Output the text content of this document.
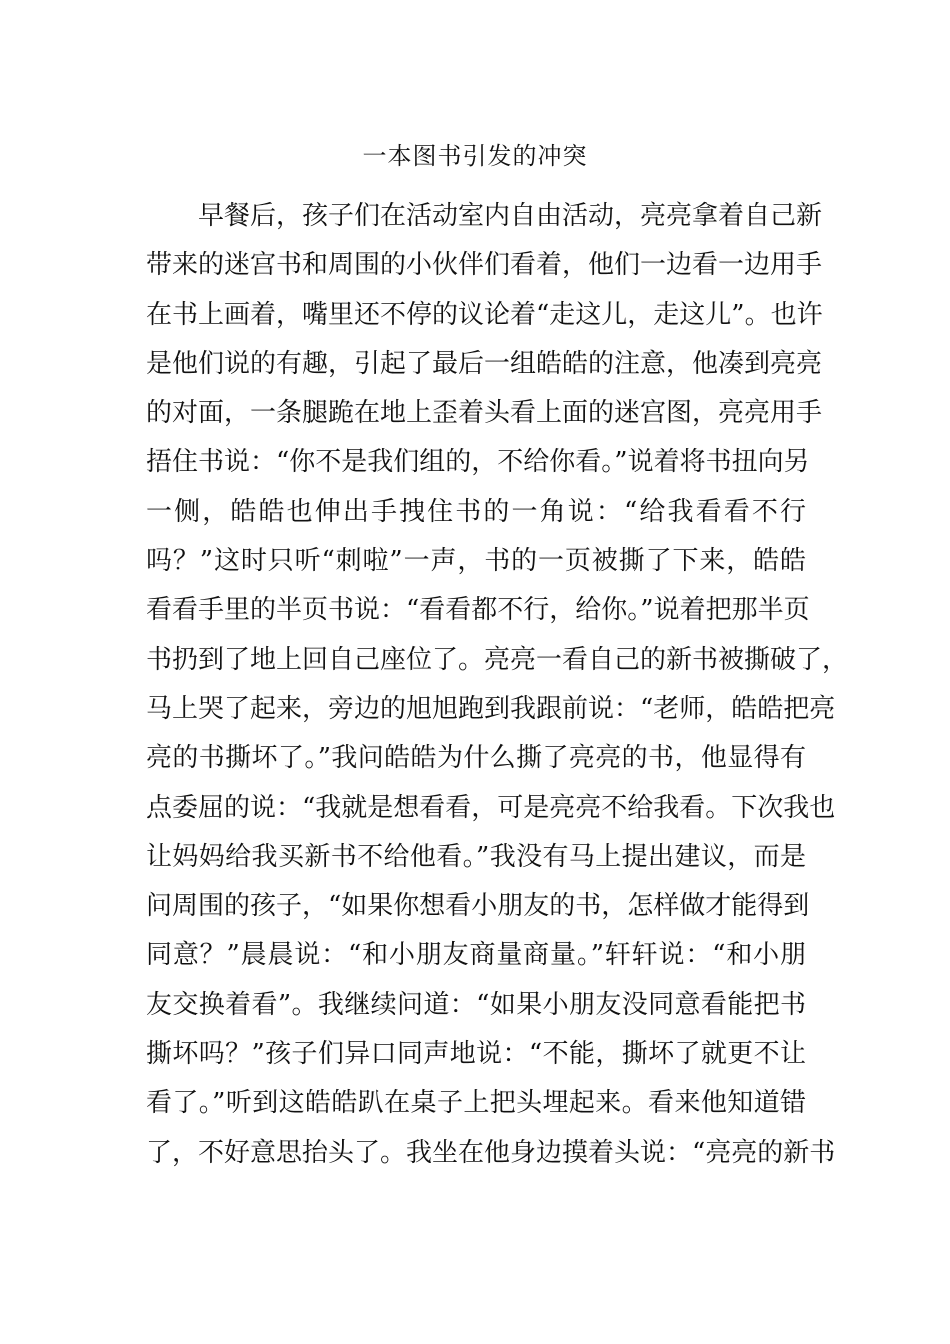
一本图书引发的冲突
早餐后，孩子们在活动室内自由活动，亮亮拿着自己新
带来的迷宫书和周围的小伙伴们看着，他们一边看一边用手
在书上画着，嘴里还不停的议论着“走这儿，走这儿”。也许
是他们说的有趣，引起了最后一组皓皓的注意，他凑到亮亮
的对面，一条腿跪在地上歪着头看上面的迷宫图，亮亮用手
捂住书说：“你不是我们组的，不给你看。”说着将书扭向另
一侧，皓皓也伸出手拽住书的一角说：“给我看看不行
吗？”这时只听“刺啦”一声，书的一页被撕了下来，皓皓
看看手里的半页书说：“看看都不行，给你。”说着把那半页
书扔到了地上回自己座位了。亮亮一看自己的新书被撕破了，
马上哭了起来，旁边的旭旭跑到我跟前说：“老师，皓皓把亮
亮的书撕坏了。”我问皓皓为什么撕了亮亮的书，他显得有
点委屈的说：“我就是想看看，可是亮亮不给我看。下次我也
让妈妈给我买新书不给他看。”我没有马上提出建议，而是
问周围的孩子，“如果你想看小朋友的书，怎样做才能得到
同意？”晨晨说：“和小朋友商量商量。”轩轩说：“和小朋
友交换着看”。我继续问道：“如果小朋友没同意看能把书
撕坏吗？”孩子们异口同声地说：“不能，撕坏了就更不让
看了。”听到这皓皓趴在桌子上把头埋起来。看来他知道错
了，不好意思抬头了。我坐在他身边摸着头说：“亮亮的新书
